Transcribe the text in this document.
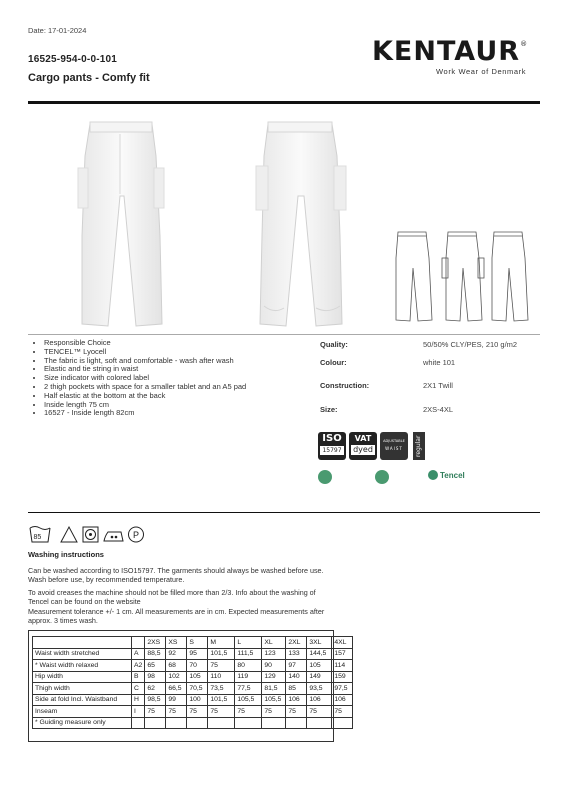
Date: 17-01-2024
16525-954-0-0-101
Cargo pants - Comfy fit
KENTAUR®
Work Wear of Denmark
• Responsible Choice
• TENCEL™ Lyocell
• The fabric is light, soft and comfortable - wash after wash
• Elastic and tie string in waist
• Size indicator with colored label
• 2 thigh pockets with space for a smaller tablet and an A5 pad
• Half elastic at the bottom at the back
• Inside length 75 cm
• 16527 - Inside length 82cm
Quality:	50/50% CLY/PES, 210 g/m2
Colour:	white 101
Construction:	2X1 Twill
Size:	2XS-4XL
ISO
15797
VAT
dyed
ADJUSTABLE
WAIST	regular
Tencel
85	P
Washing instructions
Can be washed according to ISO15797. The garments should always be washed before use. Wash before use, by recommended temperature.
To avoid creases the machine should not be filled more than 2/3. Info about the washing of Tencel can be found on the website
Measurement tolerance +/- 1 cm. All measurements are in cm. Expected measurements after approx. 3 times wash.
		2XS	XS	S	M	L	XL	2XL	3XL	4XL
Waist width stretched	A	88,5	92	95	101,5	111,5	123	133	144,5	157
* Waist width relaxed	A2	65	68	70	75	80	90	97	105	114
Hip width	B	98	102	105	110	119	129	140	149	159
Thigh width	C	62	66,5	70,5	73,5	77,5	81,5	85	93,5	97,5
Side at fold Incl. Waistband	H	98,5	99	100	101,5	105,5	105,5	106	106	106
Inseam	I	75	75	75	75	75	75	75	75	75
* Guiding measure only										
